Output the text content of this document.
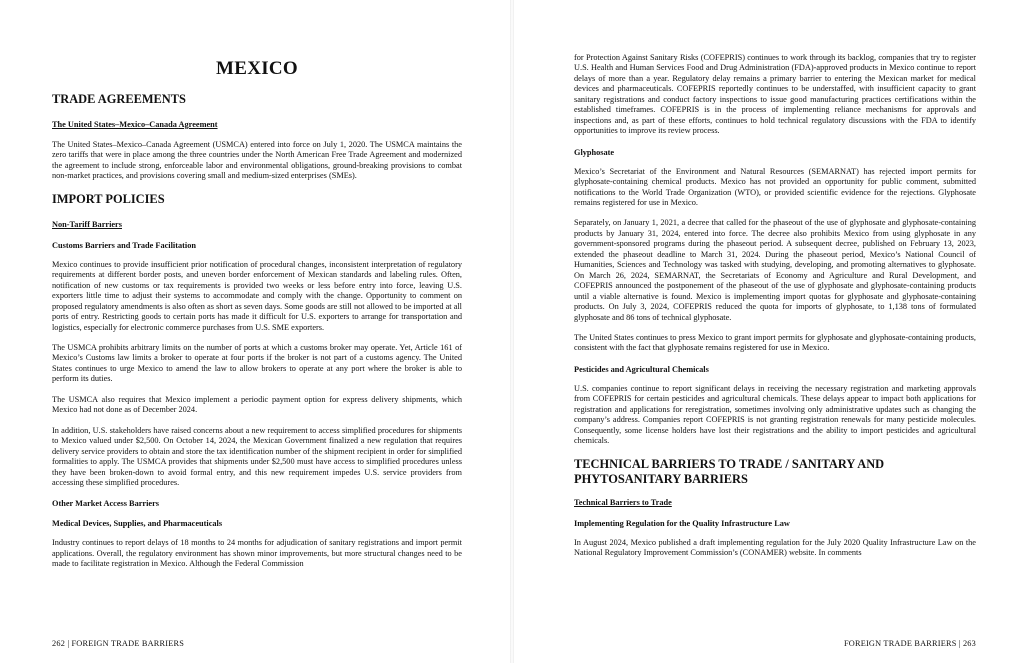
MEXICO
TRADE AGREEMENTS
The United States–Mexico–Canada Agreement

The United States–Mexico–Canada Agreement (USMCA) entered into force on July 1, 2020. The USMCA maintains the zero tariffs that were in place among the three countries under the North American Free Trade Agreement and modernized the agreement to include strong, enforceable labor and environmental obligations, ground-breaking provisions to combat non-market practices, and provisions covering small and medium-sized enterprises (SMEs).

IMPORT POLICIES
Non-Tariff Barriers
Customs Barriers and Trade Facilitation

Mexico continues to provide insufficient prior notification of procedural changes, inconsistent interpretation of regulatory requirements at different border posts, and uneven border enforcement of Mexican standards and labeling rules. Often, notification of new customs or tax requirements is provided two weeks or less before entry into force, leaving U.S. exporters little time to adjust their systems to accommodate and comply with the change. Opportunity to comment on proposed regulatory amendments is also often as short as seven days. Some goods are still not allowed to be imported at all ports of entry. Restricting goods to certain ports has made it difficult for U.S. exporters to arrange for transportation and logistics, especially for electronic commerce purchases from U.S. SME exporters.

The USMCA prohibits arbitrary limits on the number of ports at which a customs broker may operate. Yet, Article 161 of Mexico’s Customs law limits a broker to operate at four ports if the broker is not part of a customs agency. The United States continues to urge Mexico to amend the law to allow brokers to operate at any port where the broker is able to perform its duties.

The USMCA also requires that Mexico implement a periodic payment option for express delivery shipments, which Mexico had not done as of December 2024.

In addition, U.S. stakeholders have raised concerns about a new requirement to access simplified procedures for shipments to Mexico valued under $2,500. On October 14, 2024, the Mexican Government finalized a new regulation that requires delivery service providers to obtain and store the tax identification number of the shipment recipient in order for simplified formalities to apply. The USMCA provides that shipments under $2,500 must have access to simplified procedures unless they have been broken-down to avoid formal entry, and this new requirement impedes U.S. service providers from accessing these simplified procedures.

Other Market Access Barriers
Medical Devices, Supplies, and Pharmaceuticals

Industry continues to report delays of 18 months to 24 months for adjudication of sanitary registrations and import permit applications. Overall, the regulatory environment has shown minor improvements, but more structural changes need to be made to facilitate registration in Mexico. Although the Federal Commission

262 | FOREIGN TRADE BARRIERS

for Protection Against Sanitary Risks (COFEPRIS) continues to work through its backlog, companies that try to register U.S. Health and Human Services Food and Drug Administration (FDA)-approved products in Mexico continue to report delays of more than a year. Regulatory delay remains a primary barrier to entering the Mexican market for medical devices and pharmaceuticals. COFEPRIS reportedly continues to be understaffed, with insufficient capacity to grant sanitary registrations and conduct factory inspections to issue good manufacturing practices certifications within the established timeframes. COFEPRIS is in the process of implementing reliance mechanisms for approvals and inspections and, as part of these efforts, continues to hold technical regulatory discussions with the FDA to identify opportunities to improve its review process.

Glyphosate

Mexico’s Secretariat of the Environment and Natural Resources (SEMARNAT) has rejected import permits for glyphosate-containing chemical products. Mexico has not provided an opportunity for public comment, submitted notifications to the World Trade Organization (WTO), or provided scientific evidence for the rejections. Glyphosate remains registered for use in Mexico.

Separately, on January 1, 2021, a decree that called for the phaseout of the use of glyphosate and glyphosate-containing products by January 31, 2024, entered into force. The decree also prohibits Mexico from using glyphosate in any government-sponsored programs during the phaseout period. A subsequent decree, published on February 13, 2023, extended the phaseout deadline to March 31, 2024. During the phaseout period, Mexico’s National Council of Humanities, Sciences and Technology was tasked with studying, developing, and promoting alternatives to glyphosate. On March 26, 2024, SEMARNAT, the Secretariats of Economy and Agriculture and Rural Development, and COFEPRIS announced the postponement of the phaseout of the use of glyphosate and glyphosate-containing products until a viable alternative is found. Mexico is implementing import quotas for glyphosate and glyphosate-containing products. On July 3, 2024, COFEPRIS reduced the quota for imports of glyphosate, to 1,138 tons of formulated glyphosate and 86 tons of technical glyphosate.

The United States continues to press Mexico to grant import permits for glyphosate and glyphosate-containing products, consistent with the fact that glyphosate remains registered for use in Mexico.

Pesticides and Agricultural Chemicals

U.S. companies continue to report significant delays in receiving the necessary registration and marketing approvals from COFEPRIS for certain pesticides and agricultural chemicals. These delays appear to impact both applications for registration and applications for reregistration, sometimes involving only administrative updates such as changing the company’s address. Companies report COFEPRIS is not granting registration renewals for many pesticide molecules. Consequently, some license holders have lost their registrations and the ability to import pesticides and agricultural chemicals.

TECHNICAL BARRIERS TO TRADE / SANITARY AND
PHYTOSANITARY BARRIERS
Technical Barriers to Trade
Implementing Regulation for the Quality Infrastructure Law

In August 2024, Mexico published a draft implementing regulation for the July 2020 Quality Infrastructure Law on the National Regulatory Improvement Commission’s (CONAMER) website. In comments

FOREIGN TRADE BARRIERS | 263
